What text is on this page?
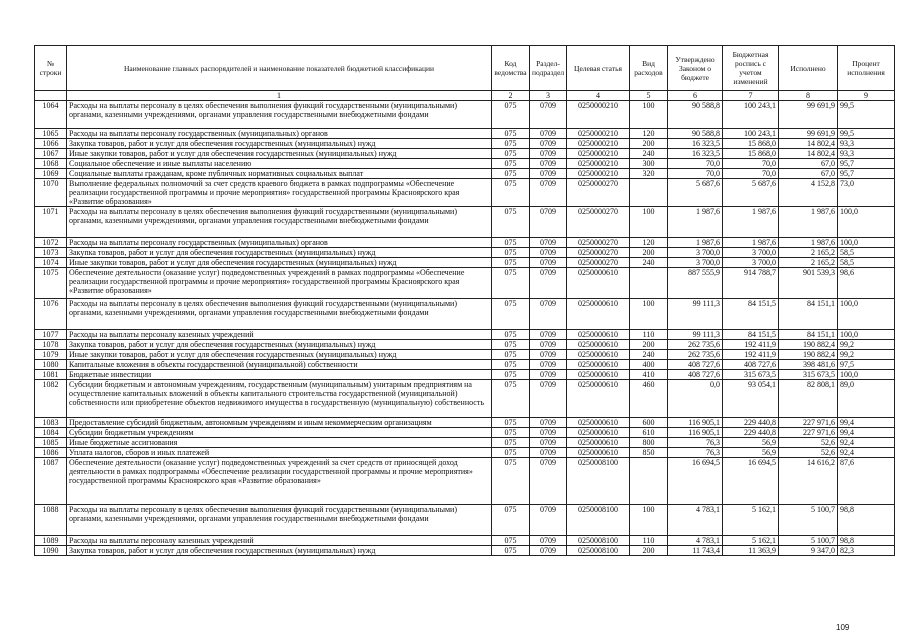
№ строки	Наименование главных распорядителей и наименование показателей бюджетной классификации	Код ведомства	Раздел-подраздел	Целевая статья	Вид расходов	Утверждено Законом о бюджете	Бюджетная роспись с учетом изменений	Исполнено	Процент исполнения
	1	2	3	4	5	6	7	8	9
1064	Расходы на выплаты персоналу в целях обеспечения выполнения функций государственными (муниципальными) органами, казенными учреждениями, органами управления государственными внебюджетными фондами	075	0709	0250000210	100	90 588,8	100 243,1	99 691,9	99,5
1065	Расходы на выплаты персоналу государственных (муниципальных) органов	075	0709	0250000210	120	90 588,8	100 243,1	99 691,9	99,5
1066	Закупка товаров, работ и услуг для обеспечения государственных (муниципальных) нужд	075	0709	0250000210	200	16 323,5	15 868,0	14 802,4	93,3
1067	Иные закупки товаров, работ и услуг для обеспечения государственных (муниципальных) нужд	075	0709	0250000210	240	16 323,5	15 868,0	14 802,4	93,3
1068	Социальное обеспечение и иные выплаты населению	075	0709	0250000210	300	70,0	70,0	67,0	95,7
1069	Социальные выплаты гражданам, кроме публичных нормативных социальных выплат	075	0709	0250000210	320	70,0	70,0	67,0	95,7
1070	Выполнение федеральных полномочий за счет средств краевого бюджета в рамках подпрограммы «Обеспечение реализации государственной программы и прочие мероприятия» государственной программы Красноярского края «Развитие образования»	075	0709	0250000270		5 687,6	5 687,6	4 152,8	73,0
1071	Расходы на выплаты персоналу в целях обеспечения выполнения функций государственными (муниципальными) органами, казенными учреждениями, органами управления государственными внебюджетными фондами	075	0709	0250000270	100	1 987,6	1 987,6	1 987,6	100,0
1072	Расходы на выплаты персоналу государственных (муниципальных) органов	075	0709	0250000270	120	1 987,6	1 987,6	1 987,6	100,0
1073	Закупка товаров, работ и услуг для обеспечения государственных (муниципальных) нужд	075	0709	0250000270	200	3 700,0	3 700,0	2 165,2	58,5
1074	Иные закупки товаров, работ и услуг для обеспечения государственных (муниципальных) нужд	075	0709	0250000270	240	3 700,0	3 700,0	2 165,2	58,5
1075	Обеспечение деятельности (оказание услуг) подведомственных учреждений в рамках подпрограммы «Обеспечение реализации государственной программы и прочие мероприятия» государственной программы Красноярского края «Развитие образования»	075	0709	0250000610		887 555,9	914 788,7	901 539,3	98,6
1076	Расходы на выплаты персоналу в целях обеспечения выполнения функций государственными (муниципальными) органами, казенными учреждениями, органами управления государственными внебюджетными фондами	075	0709	0250000610	100	99 111,3	84 151,5	84 151,1	100,0
1077	Расходы на выплаты персоналу казенных учреждений	075	0709	0250000610	110	99 111,3	84 151,5	84 151,1	100,0
1078	Закупка товаров, работ и услуг для обеспечения государственных (муниципальных) нужд	075	0709	0250000610	200	262 735,6	192 411,9	190 882,4	99,2
1079	Иные закупки товаров, работ и услуг для обеспечения государственных (муниципальных) нужд	075	0709	0250000610	240	262 735,6	192 411,9	190 882,4	99,2
1080	Капитальные вложения в объекты государственной (муниципальной) собственности	075	0709	0250000610	400	408 727,6	408 727,6	398 481,6	97,5
1081	Бюджетные инвестиции	075	0709	0250000610	410	408 727,6	315 673,5	315 673,5	100,0
1082	Субсидии бюджетным и автономным учреждениям, государственным (муниципальным) унитарным предприятиям на осуществление капитальных вложений в объекты капитального строительства государственной (муниципальной) собственности или приобретение объектов недвижимого имущества в государственную (муниципальную) собственность	075	0709	0250000610	460	0,0	93 054,1	82 808,1	89,0
1083	Предоставление субсидий бюджетным, автономным учреждениям и иным некоммерческим организациям	075	0709	0250000610	600	116 905,1	229 440,8	227 971,6	99,4
1084	Субсидии бюджетным учреждениям	075	0709	0250000610	610	116 905,1	229 440,8	227 971,6	99,4
1085	Иные бюджетные ассигнования	075	0709	0250000610	800	76,3	56,9	52,6	92,4
1086	Уплата налогов, сборов и иных платежей	075	0709	0250000610	850	76,3	56,9	52,6	92,4
1087	Обеспечение деятельности (оказание услуг) подведомственных учреждений за счет средств от приносящей доход деятельности в рамках подпрограммы «Обеспечение реализации государственной программы и прочие мероприятия» государственной программы Красноярского края «Развитие образования»	075	0709	0250008100		16 694,5	16 694,5	14 616,2	87,6
1088	Расходы на выплаты персоналу в целях обеспечения выполнения функций государственными (муниципальными) органами, казенными учреждениями, органами управления государственными внебюджетными фондами	075	0709	0250008100	100	4 783,1	5 162,1	5 100,7	98,8
1089	Расходы на выплаты персоналу казенных учреждений	075	0709	0250008100	110	4 783,1	5 162,1	5 100,7	98,8
1090	Закупка товаров, работ и услуг для обеспечения государственных (муниципальных) нужд	075	0709	0250008100	200	11 743,4	11 363,9	9 347,0	82,3
109
